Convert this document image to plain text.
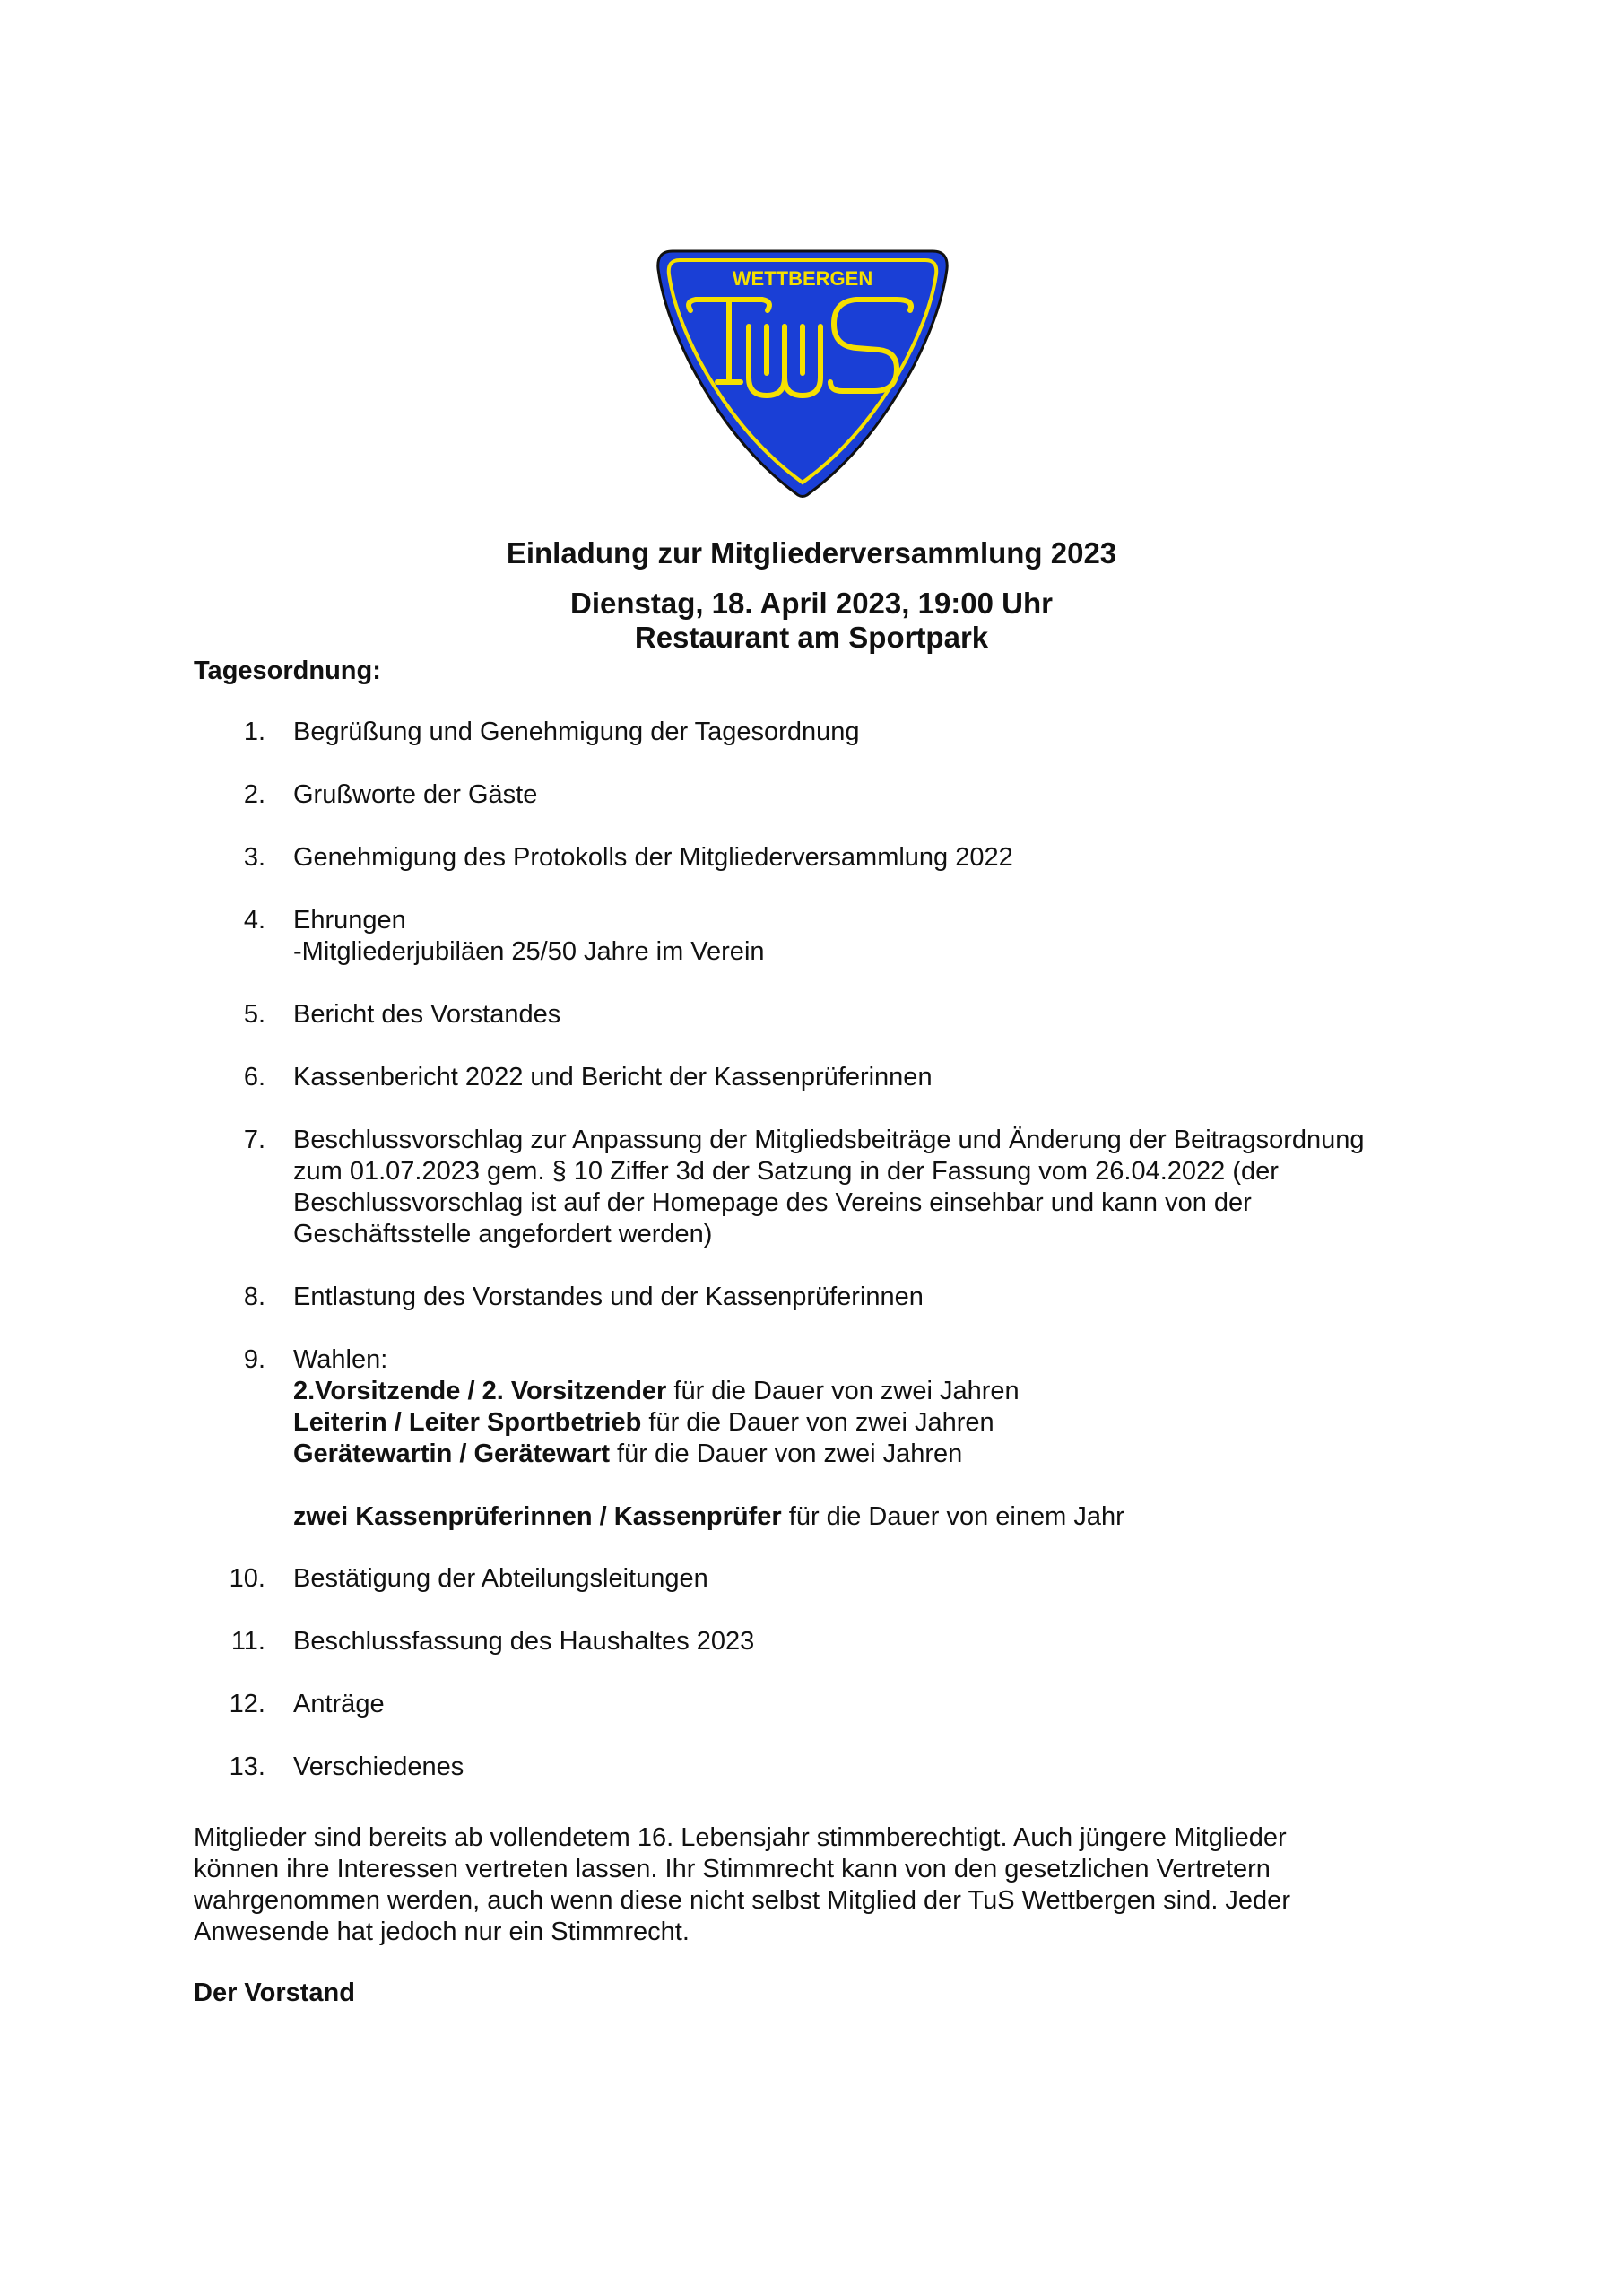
WETTBERGEN
Einladung zur Mitgliederversammlung 2023
Dienstag, 18. April 2023, 19:00 Uhr
Restaurant am Sportpark
Tagesordnung:
1. Begrüßung und Genehmigung der Tagesordnung
2. Grußworte der Gäste
3. Genehmigung des Protokolls der Mitgliederversammlung 2022
4. Ehrungen
-Mitgliederjubiläen 25/50 Jahre im Verein
5. Bericht des Vorstandes
6. Kassenbericht 2022 und Bericht der Kassenprüferinnen
7. Beschlussvorschlag zur Anpassung der Mitgliedsbeiträge und Änderung der Beitragsordnung
zum 01.07.2023 gem. § 10 Ziffer 3d der Satzung in der Fassung vom 26.04.2022 (der
Beschlussvorschlag ist auf der Homepage des Vereins einsehbar und kann von der
Geschäftsstelle angefordert werden)
8. Entlastung des Vorstandes und der Kassenprüferinnen
9. Wahlen:
2.Vorsitzende / 2. Vorsitzender für die Dauer von zwei Jahren
Leiterin / Leiter Sportbetrieb für die Dauer von zwei Jahren
Gerätewartin / Gerätewart für die Dauer von zwei Jahren
zwei Kassenprüferinnen / Kassenprüfer für die Dauer von einem Jahr
10. Bestätigung der Abteilungsleitungen
11. Beschlussfassung des Haushaltes 2023
12. Anträge
13. Verschiedenes
Mitglieder sind bereits ab vollendetem 16. Lebensjahr stimmberechtigt. Auch jüngere Mitglieder
können ihre Interessen vertreten lassen. Ihr Stimmrecht kann von den gesetzlichen Vertretern
wahrgenommen werden, auch wenn diese nicht selbst Mitglied der TuS Wettbergen sind. Jeder
Anwesende hat jedoch nur ein Stimmrecht.
Der Vorstand
